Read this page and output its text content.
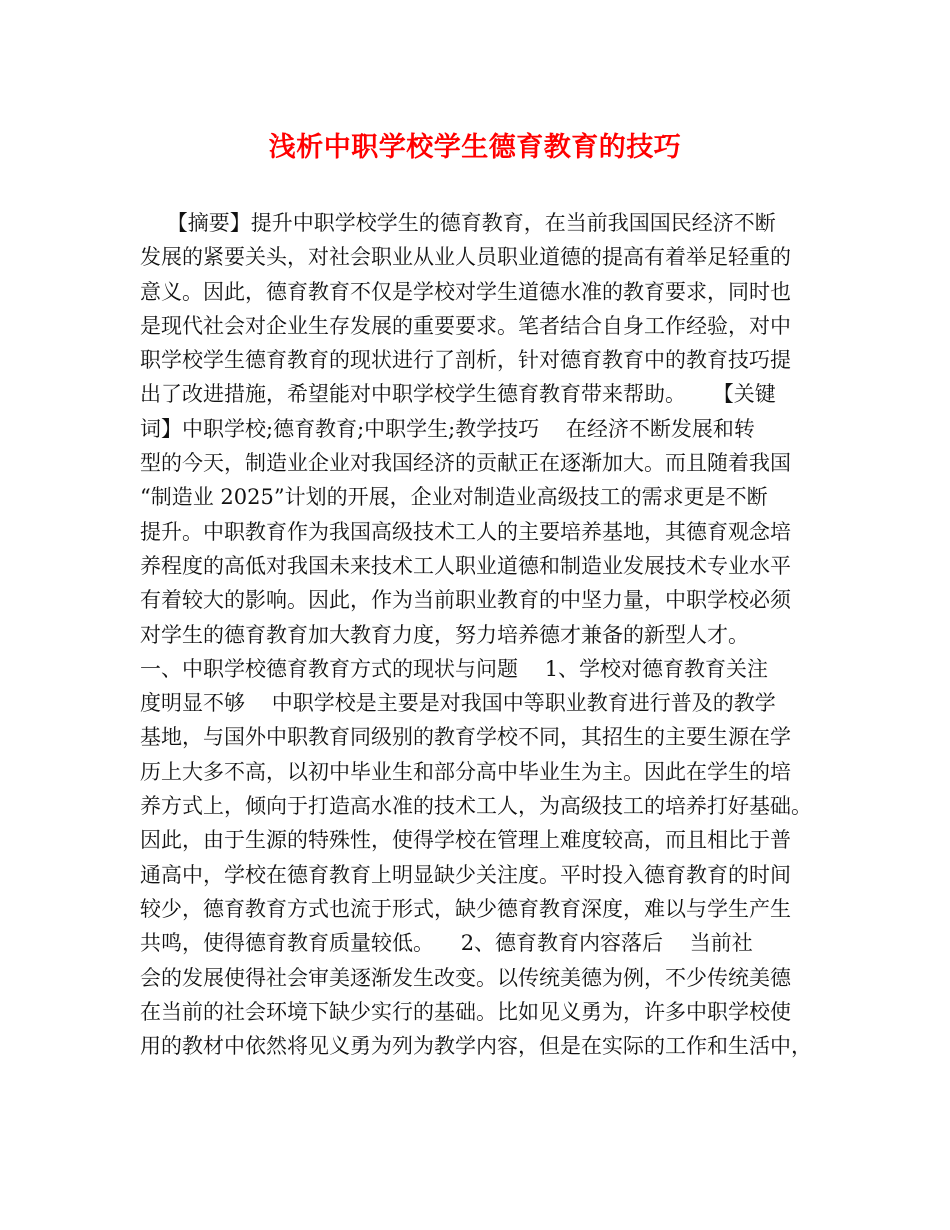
浅析中职学校学生德育教育的技巧
【摘要】提升中职学校学生的德育教育，在当前我国国民经济不断
发展的紧要关头，对社会职业从业人员职业道德的提高有着举足轻重的
意义。因此，德育教育不仅是学校对学生道德水准的教育要求，同时也
是现代社会对企业生存发展的重要要求。笔者结合自身工作经验，对中
职学校学生德育教育的现状进行了剖析，针对德育教育中的教育技巧提
出了改进措施，希望能对中职学校学生德育教育带来帮助。    【关键
词】中职学校;德育教育;中职学生;教学技巧    在经济不断发展和转
型的今天，制造业企业对我国经济的贡献正在逐渐加大。而且随着我国
“制造业 2025”计划的开展，企业对制造业高级技工的需求更是不断
提升。中职教育作为我国高级技术工人的主要培养基地，其德育观念培
养程度的高低对我国未来技术工人职业道德和制造业发展技术专业水平
有着较大的影响。因此，作为当前职业教育的中坚力量，中职学校必须
对学生的德育教育加大教育力度，努力培养德才兼备的新型人才。
一、中职学校德育教育方式的现状与问题    1、学校对德育教育关注
度明显不够    中职学校是主要是对我国中等职业教育进行普及的教学
基地，与国外中职教育同级别的教育学校不同，其招生的主要生源在学
历上大多不高，以初中毕业生和部分高中毕业生为主。因此在学生的培
养方式上，倾向于打造高水准的技术工人，为高级技工的培养打好基础。
因此，由于生源的特殊性，使得学校在管理上难度较高，而且相比于普
通高中，学校在德育教育上明显缺少关注度。平时投入德育教育的时间
较少，德育教育方式也流于形式，缺少德育教育深度，难以与学生产生
共鸣，使得德育教育质量较低。    2、德育教育内容落后    当前社
会的发展使得社会审美逐渐发生改变。以传统美德为例，不少传统美德
在当前的社会环境下缺少实行的基础。比如见义勇为，许多中职学校使
用的教材中依然将见义勇为列为教学内容，但是在实际的工作和生活中，
